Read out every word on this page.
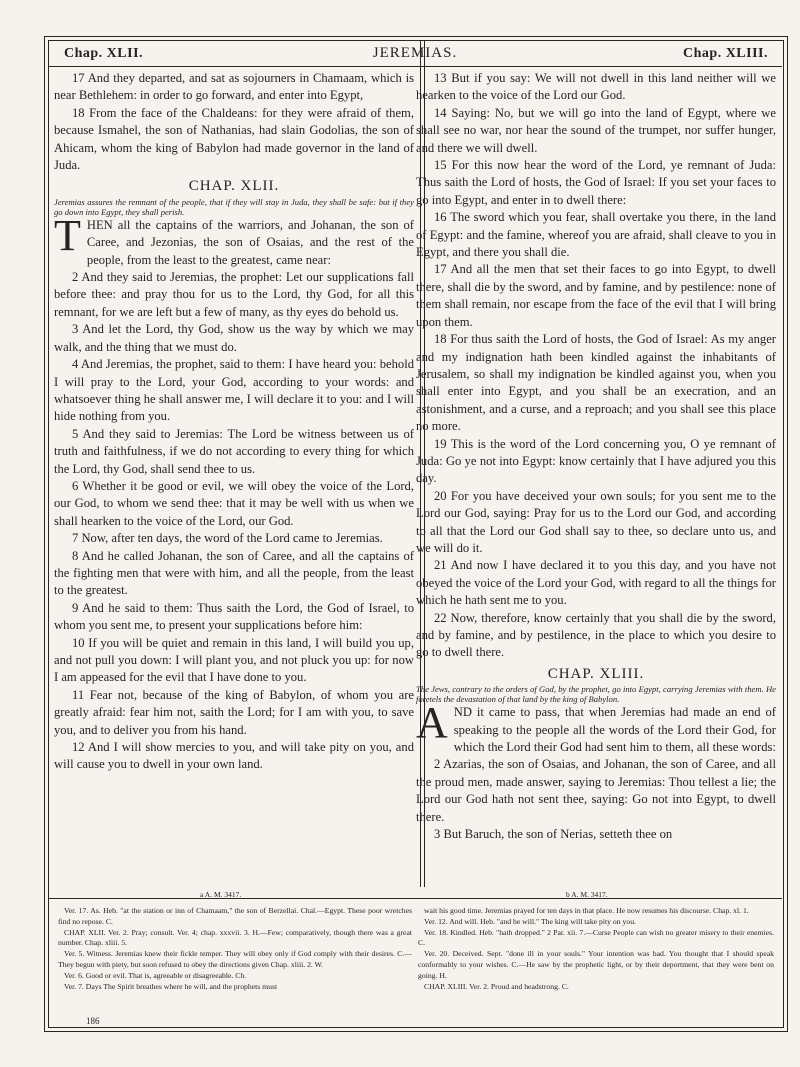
Chap. XLII.	JEREMIAS.	Chap. XLIII.

17 And they departed, and sat as sojourners in Chamaam, which is near Bethlehem: in order to go forward, and enter into Egypt,

18 From the face of the Chaldeans: for they were afraid of them, because Ismahel, the son of Nathanias, had slain Godolias, the son of Ahicam, whom the king of Babylon had made governor in the land of Juda.

CHAP. XLII.

Jeremias assures the remnant of the people, that if they will stay in Juda, they shall be safe: but if they go down into Egypt, they shall perish.

THEN all the captains of the warriors, and Johanan, the son of Caree, and Jezonias, the son of Osaias, and the rest of the people, from the least to the greatest, came near:

2 And they said to Jeremias, the prophet: Let our supplications fall before thee: and pray thou for us to the Lord, thy God, for all this remnant, for we are left but a few of many, as thy eyes do behold us.

3 And let the Lord, thy God, show us the way by which we may walk, and the thing that we must do.

4 And Jeremias, the prophet, said to them: I have heard you: behold I will pray to the Lord, your God, according to your words: and whatsoever thing he shall answer me, I will declare it to you: and I will hide nothing from you.

5 And they said to Jeremias: The Lord be witness between us of truth and faithfulness, if we do not according to every thing for which the Lord, thy God, shall send thee to us.

6 Whether it be good or evil, we will obey the voice of the Lord, our God, to whom we send thee: that it may be well with us when we shall hearken to the voice of the Lord, our God.

7 Now, after ten days, the word of the Lord came to Jeremias.

8 And he called Johanan, the son of Caree, and all the captains of the fighting men that were with him, and all the people, from the least to the greatest.

9 And he said to them: Thus saith the Lord, the God of Israel, to whom you sent me, to present your supplications before him:

10 If you will be quiet and remain in this land, I will build you up, and not pull you down: I will plant you, and not pluck you up: for now I am appeased for the evil that I have done to you.

11 Fear not, because of the king of Babylon, of whom you are greatly afraid: fear him not, saith the Lord; for I am with you, to save you, and to deliver you from his hand.

12 And I will show mercies to you, and will take pity on you, and will cause you to dwell in your own land.

13 But if you say: We will not dwell in this land neither will we hearken to the voice of the Lord our God.

14 Saying: No, but we will go into the land of Egypt, where we shall see no war, nor hear the sound of the trumpet, nor suffer hunger, and there we will dwell.

15 For this now hear the word of the Lord, ye remnant of Juda: Thus saith the Lord of hosts, the God of Israel: If you set your faces to go into Egypt, and enter in to dwell there:

16 The sword which you fear, shall overtake you there, in the land of Egypt: and the famine, whereof you are afraid, shall cleave to you in Egypt, and there you shall die.

17 And all the men that set their faces to go into Egypt, to dwell there, shall die by the sword, and by famine, and by pestilence: none of them shall remain, nor escape from the face of the evil that I will bring upon them.

18 For thus saith the Lord of hosts, the God of Israel: As my anger and my indignation hath been kindled against the inhabitants of Jerusalem, so shall my indignation be kindled against you, when you shall enter into Egypt, and you shall be an execration, and an astonishment, and a curse, and a reproach; and you shall see this place no more.

19 This is the word of the Lord concerning you, O ye remnant of Juda: Go ye not into Egypt: know certainly that I have adjured you this day.

20 For you have deceived your own souls; for you sent me to the Lord our God, saying: Pray for us to the Lord our God, and according to all that the Lord our God shall say to thee, so declare unto us, and we will do it.

21 And now I have declared it to you this day, and you have not obeyed the voice of the Lord your God, with regard to all the things for which he hath sent me to you.

22 Now, therefore, know certainly that you shall die by the sword, and by famine, and by pestilence, in the place to which you desire to go to dwell there.

CHAP. XLIII.

The Jews, contrary to the orders of God, by the prophet, go into Egypt, carrying Jeremias with them. He foretels the devastation of that land by the king of Babylon.

AND it came to pass, that when Jeremias had made an end of speaking to the people all the words of the Lord their God, for which the Lord their God had sent him to them, all these words:

2 Azarias, the son of Osaias, and Johanan, the son of Caree, and all the proud men, made answer, saying to Jeremias: Thou tellest a lie; the Lord our God hath not sent thee, saying: Go not into Egypt, to dwell there.

3 But Baruch, the son of Nerias, setteth thee on

a A. M. 3417.	b A. M. 3417.

Ver. 17. As. Heb. "at the station or inn of Chamaam," the son of Berzellai. Chal.—Egypt. These poor wretches find no repose. C.

CHAP. XLII. Ver. 2. Pray; consult. Ver. 4; chap. xxxvii. 3. H.—Few; comparatively, though there was a great number. Chap. xliii. 5.

Ver. 5. Witness. Jeremias knew their fickle temper. They will obey only if God comply with their desires. C.—They begun with piety, but soon refused to obey the directions given Chap. xliii. 2. W.

Ver. 6. Good or evil. That is, agreeable or disagreeable. Ch.

Ver. 7. Days The Spirit breathes where he will, and the prophets must

wait his good time. Jeremias prayed for ten days in that place. He now resumes his discourse. Chap. xl. 1.

Ver. 12. And will. Heb. "and he will." The king will take pity on you.

Ver. 18. Kindled. Heb. "hath dropped." 2 Par. xii. 7.—Curse People can wish no greater misery to their enemies. C.

Ver. 20. Deceived. Sept. "done ill in your souls." Your intention was bad. You thought that I should speak conformably to your wishes. C.—He saw by the prophetic light, or by their deportment, that they were bent on going. H.

CHAP. XLIII. Ver. 2. Proud and headstrong. C.

186
